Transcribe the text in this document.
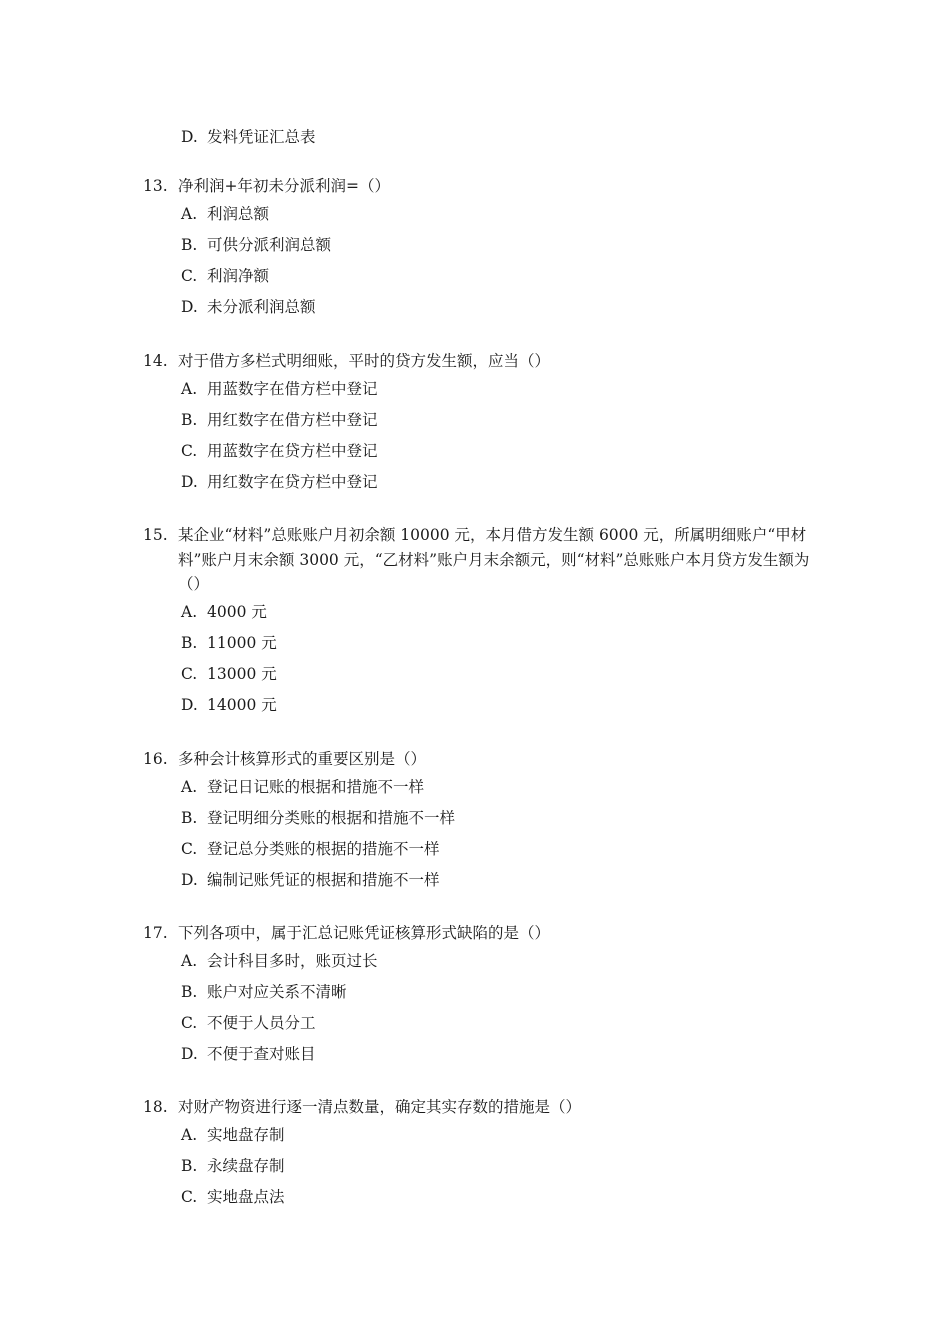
D. 发料凭证汇总表

13. 净利润+年初未分派利润=（）

A. 利润总额
B. 可供分派利润总额
C. 利润净额
D. 未分派利润总额

14. 对于借方多栏式明细账，平时的贷方发生额，应当（）

A. 用蓝数字在借方栏中登记
B. 用红数字在借方栏中登记
C. 用蓝数字在贷方栏中登记
D. 用红数字在贷方栏中登记

15. 某企业“材料”总账账户月初余额 10000 元，本月借方发生额 6000 元，所属明细账户“甲材料”账户月末余额 3000 元，“乙材料”账户月末余额元，则“材料”总账账户本月贷方发生额为（）

A. 4000 元
B. 11000 元
C. 13000 元
D. 14000 元

16. 多种会计核算形式的重要区别是（）

A. 登记日记账的根据和措施不一样
B. 登记明细分类账的根据和措施不一样
C. 登记总分类账的根据的措施不一样
D. 编制记账凭证的根据和措施不一样

17. 下列各项中，属于汇总记账凭证核算形式缺陷的是（）

A. 会计科目多时，账页过长
B. 账户对应关系不清晰
C. 不便于人员分工
D. 不便于查对账目

18. 对财产物资进行逐一清点数量，确定其实存数的措施是（）

A. 实地盘存制
B. 永续盘存制
C. 实地盘点法
